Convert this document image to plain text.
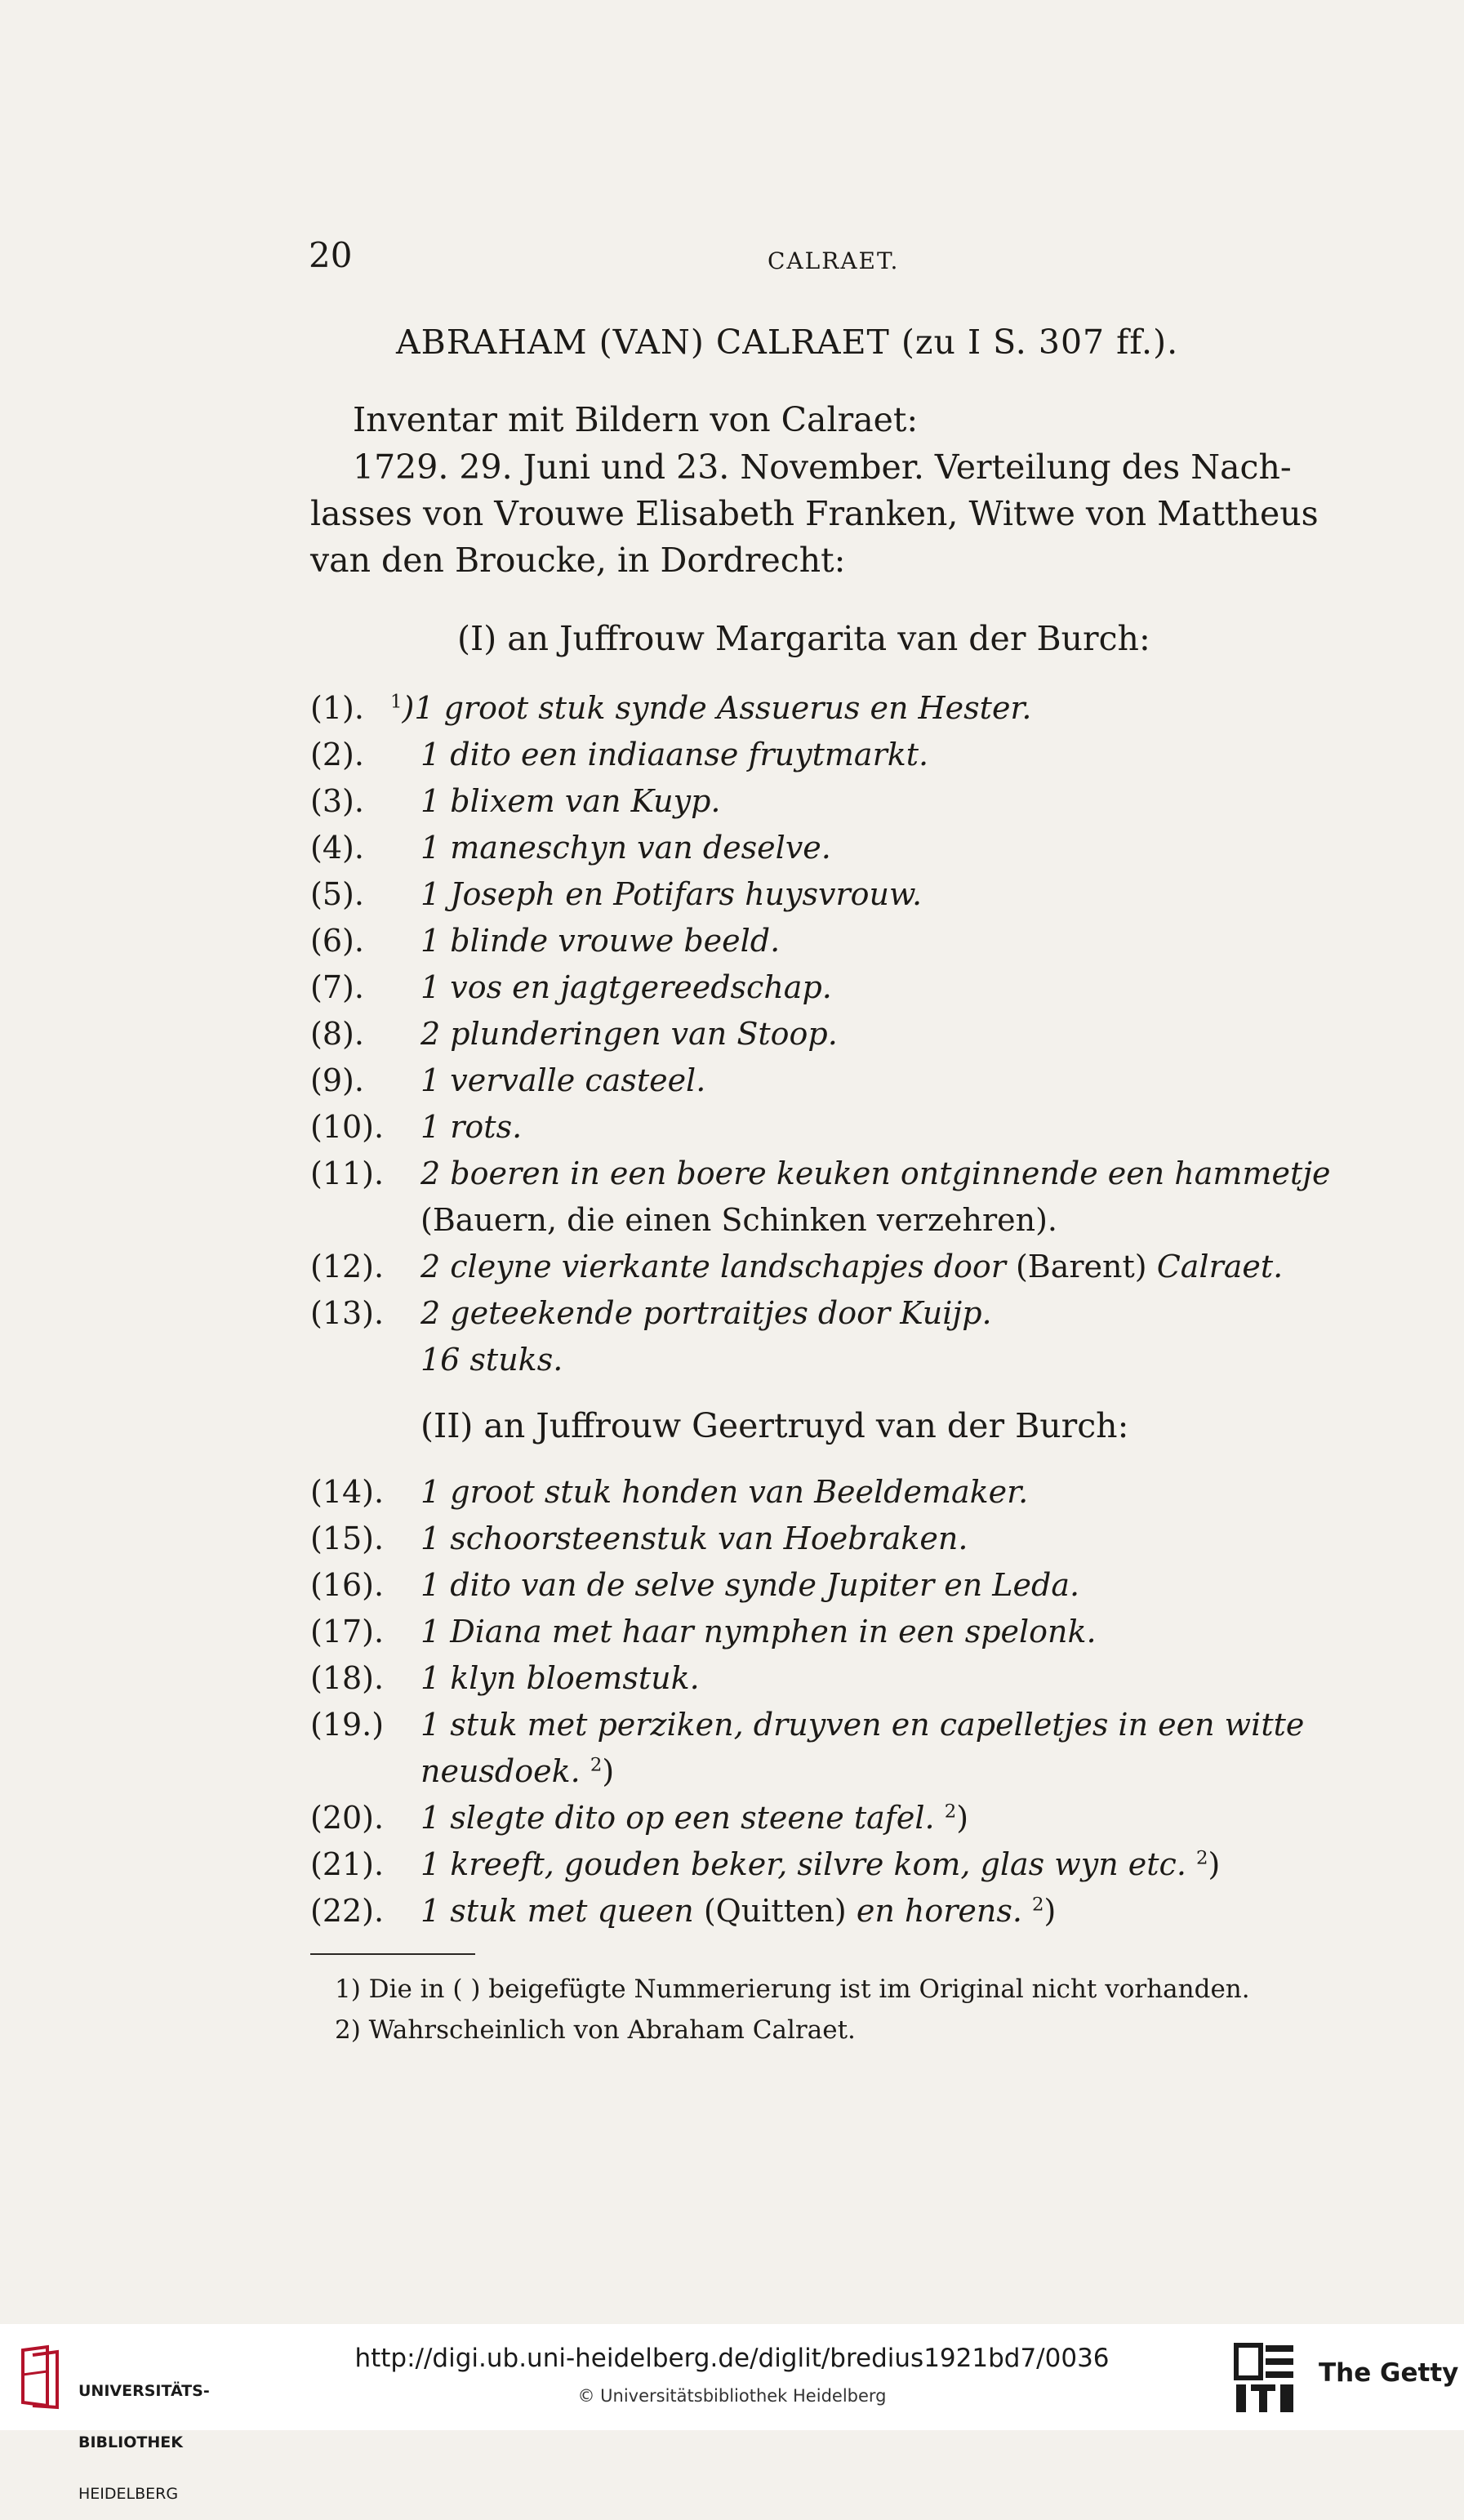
20	CALRAET.
ABRAHAM (VAN) CALRAET (zu I S. 307 ff.).
Inventar mit Bildern von Calraet:
1729. 29. Juni und 23. November. Verteilung des Nach-
lasses von Vrouwe Elisabeth Franken, Witwe von Mattheus
van den Broucke, in Dordrecht:
(I) an Juffrouw Margarita van der Burch:
(1). $^1$)1 groot stuk synde Assuerus en Hester.
(2). 1 dito een indiaanse fruytmarkt.
(3). 1 blixem van Kuyp.
(4). 1 maneschyn van deselve.
(5). 1 Joseph en Potifars huysvrouw.
(6). 1 blinde vrouwe beeld.
(7). 1 vos en jagtgereedschap.
(8). 2 plunderingen van Stoop.
(9). 1 vervalle casteel.
(10). 1 rots.
(11). 2 boeren in een boere keuken ontginnende een hammetje
(Bauern, die einen Schinken verzehren).
(12). 2 cleyne vierkante landschapjes door (Barent) Calraet.
(13). 2 geteekende portraitjes door Kuijp.
16 stuks.
(II) an Juffrouw Geertruyd van der Burch:
(14). 1 groot stuk honden van Beeldemaker.
(15). 1 schoorsteenstuk van Hoebraken.
(16). 1 dito van de selve synde Jupiter en Leda.
(17). 1 Diana met haar nymphen in een spelonk.
(18). 1 klyn bloemstuk.
(19.) 1 stuk met perziken, druyven en capelletjes in een witte
neusdoek. $^2$)
(20). 1 slegte dito op een steene tafel. $^2$)
(21). 1 kreeft, gouden beker, silvre kom, glas wyn etc. $^2$)
(22). 1 stuk met queen (Quitten) en horens. $^2$)
1) Die in ( ) beigefügte Nummerierung ist im Original nicht vorhanden.
2) Wahrscheinlich von Abraham Calraet.

UNIVERSITÄTS-

BIBLIOTHEK

HEIDELBERG

http://digi.ub.uni-heidelberg.de/diglit/bredius1921bd7/0036
© Universitätsbibliothek Heidelberg
The Getty
